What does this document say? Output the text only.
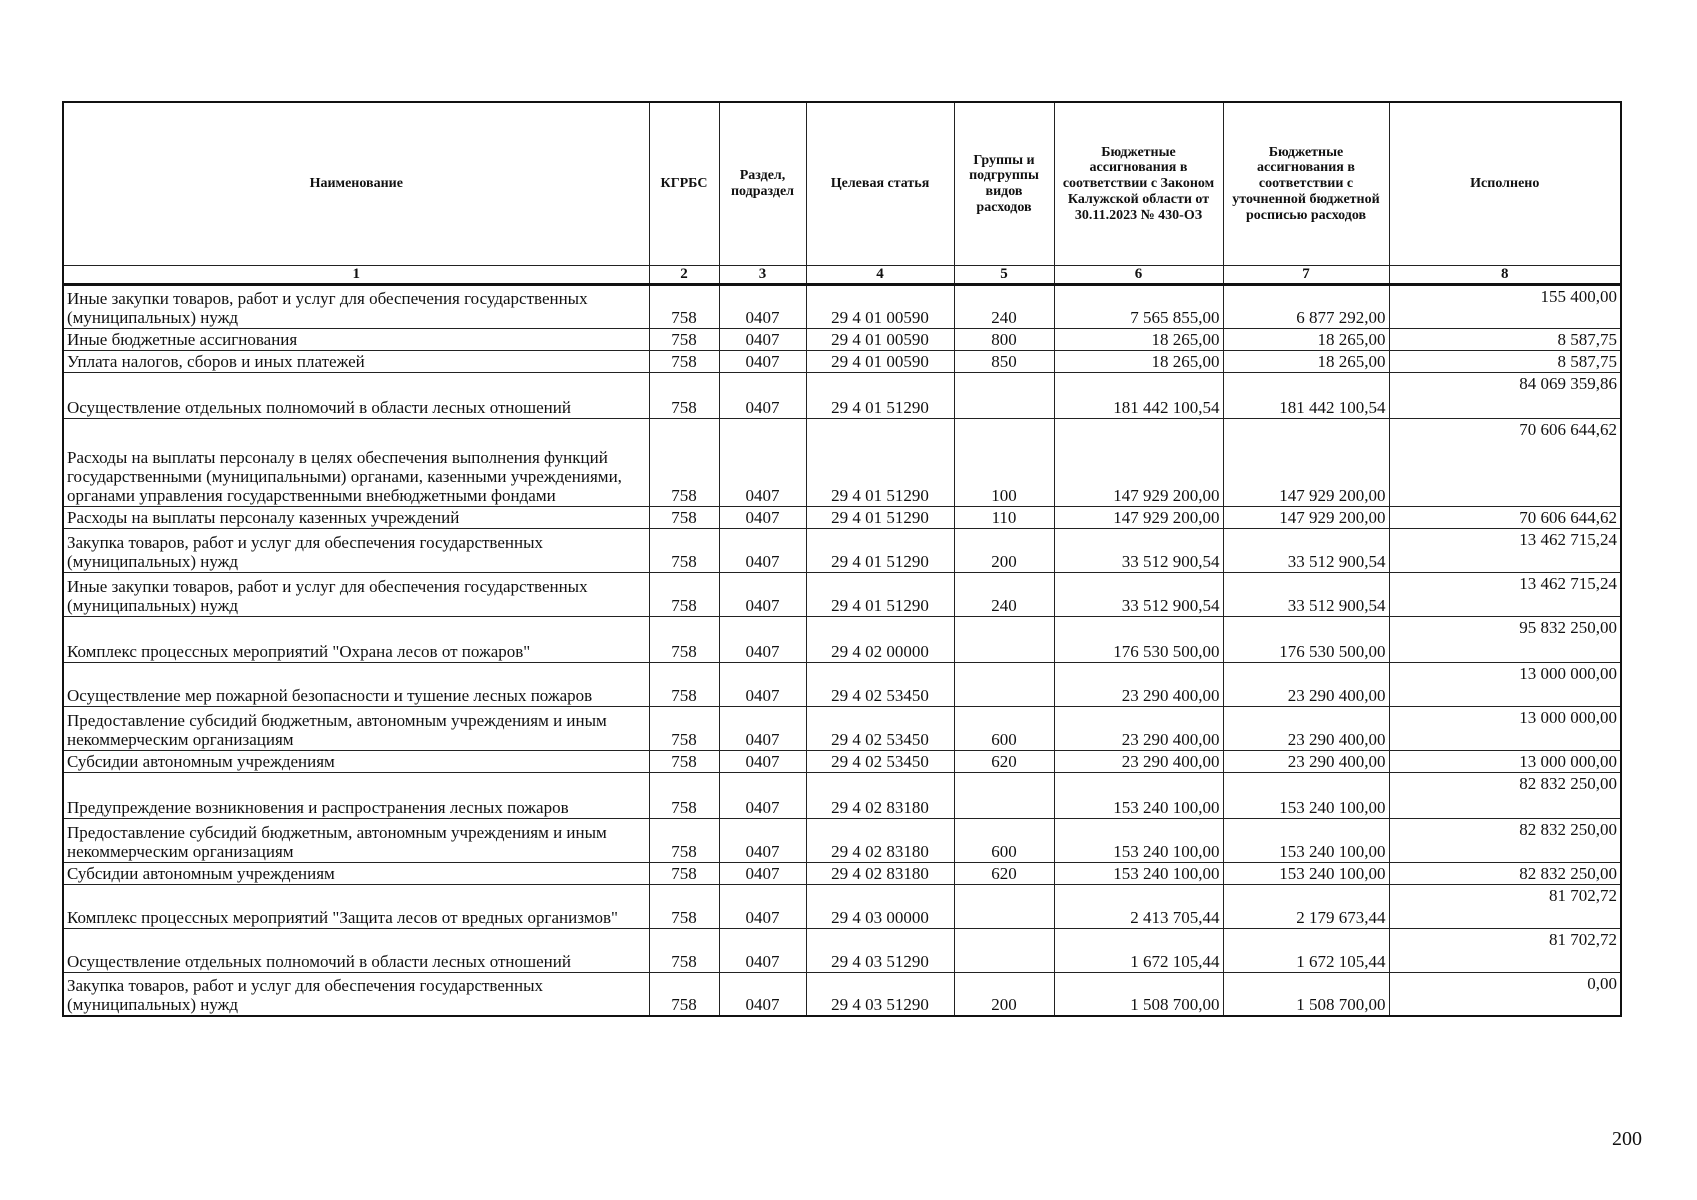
Наименование	КГРБС	Раздел, подраздел	Целевая статья	Группы и подгруппы видов расходов	Бюджетные ассигнования в соответствии с Законом Калужской области от 30.11.2023 № 430-ОЗ	Бюджетные ассигнования в соответствии с уточненной бюджетной росписью расходов	Исполнено
1	2	3	4	5	6	7	8
Иные закупки товаров, работ и услуг для обеспечения государственных (муниципальных) нужд	758	0407	29 4 01 00590	240	7 565 855,00	6 877 292,00	155 400,00
Иные бюджетные ассигнования	758	0407	29 4 01 00590	800	18 265,00	18 265,00	8 587,75
Уплата налогов, сборов и иных платежей	758	0407	29 4 01 00590	850	18 265,00	18 265,00	8 587,75
Осуществление отдельных полномочий в области лесных отношений	758	0407	29 4 01 51290		181 442 100,54	181 442 100,54	84 069 359,86
Расходы на выплаты персоналу в целях обеспечения выполнения функций государственными (муниципальными) органами, казенными учреждениями, органами управления государственными внебюджетными фондами	758	0407	29 4 01 51290	100	147 929 200,00	147 929 200,00	70 606 644,62
Расходы на выплаты персоналу казенных учреждений	758	0407	29 4 01 51290	110	147 929 200,00	147 929 200,00	70 606 644,62
Закупка товаров, работ и услуг для обеспечения государственных (муниципальных) нужд	758	0407	29 4 01 51290	200	33 512 900,54	33 512 900,54	13 462 715,24
Иные закупки товаров, работ и услуг для обеспечения государственных (муниципальных) нужд	758	0407	29 4 01 51290	240	33 512 900,54	33 512 900,54	13 462 715,24
Комплекс процессных мероприятий "Охрана лесов от пожаров"	758	0407	29 4 02 00000		176 530 500,00	176 530 500,00	95 832 250,00
Осуществление мер пожарной безопасности и тушение лесных пожаров	758	0407	29 4 02 53450		23 290 400,00	23 290 400,00	13 000 000,00
Предоставление субсидий бюджетным, автономным учреждениям и иным некоммерческим организациям	758	0407	29 4 02 53450	600	23 290 400,00	23 290 400,00	13 000 000,00
Субсидии автономным учреждениям	758	0407	29 4 02 53450	620	23 290 400,00	23 290 400,00	13 000 000,00
Предупреждение возникновения и распространения лесных пожаров	758	0407	29 4 02 83180		153 240 100,00	153 240 100,00	82 832 250,00
Предоставление субсидий бюджетным, автономным учреждениям и иным некоммерческим организациям	758	0407	29 4 02 83180	600	153 240 100,00	153 240 100,00	82 832 250,00
Субсидии автономным учреждениям	758	0407	29 4 02 83180	620	153 240 100,00	153 240 100,00	82 832 250,00
Комплекс процессных мероприятий "Защита лесов от вредных организмов"	758	0407	29 4 03 00000		2 413 705,44	2 179 673,44	81 702,72
Осуществление отдельных полномочий в области лесных отношений	758	0407	29 4 03 51290		1 672 105,44	1 672 105,44	81 702,72
Закупка товаров, работ и услуг для обеспечения государственных (муниципальных) нужд	758	0407	29 4 03 51290	200	1 508 700,00	1 508 700,00	0,00
200
